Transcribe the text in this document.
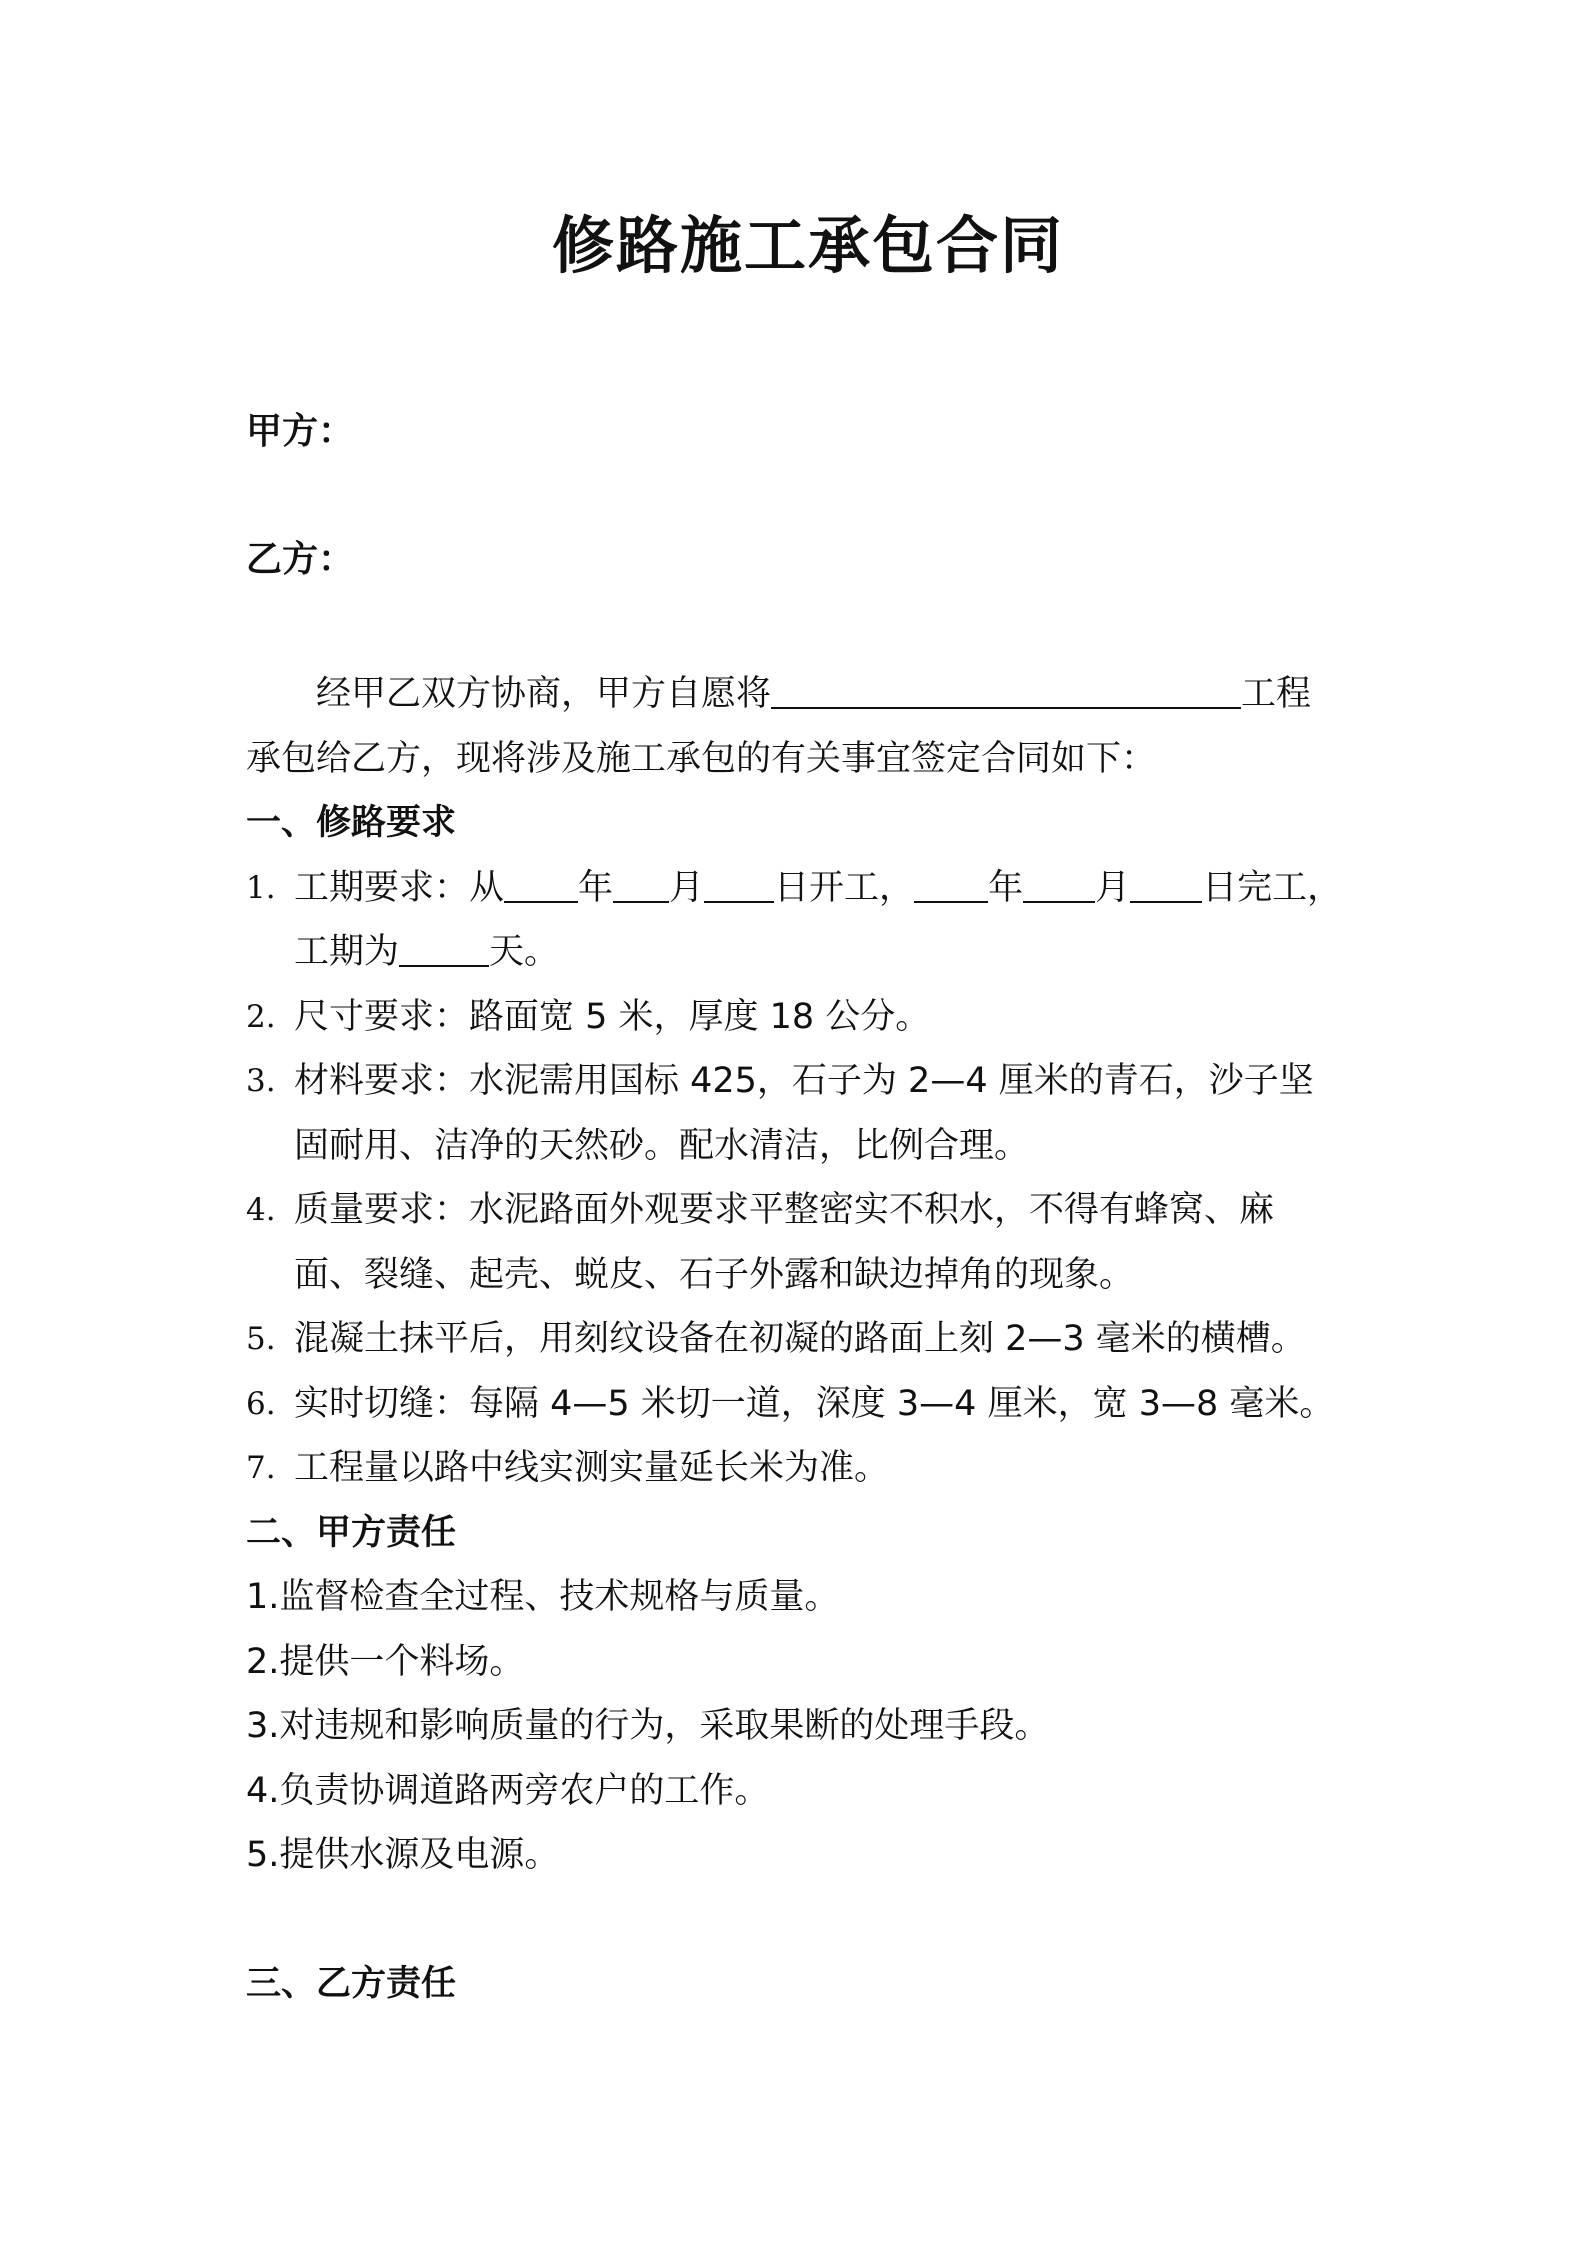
修路施工承包合同
甲方：
乙方：
经甲乙双方协商，甲方自愿将	工程
承包给乙方，现将涉及施工承包的有关事宜签定合同如下：
一、修路要求
1. 工期要求：从 年 月 日开工， 年 月 日完工，
工期为	天。
2. 尺寸要求：路面宽 5 米，厚度 18 公分。
3. 材料要求：水泥需用国标 425，石子为 2—4 厘米的青石，沙子坚
固耐用、洁净的天然砂。配水清洁，比例合理。
4. 质量要求：水泥路面外观要求平整密实不积水，不得有蜂窝、麻
面、裂缝、起壳、蜕皮、石子外露和缺边掉角的现象。
5. 混凝土抹平后，用刻纹设备在初凝的路面上刻 2—3 毫米的横槽。
6. 实时切缝：每隔 4—5 米切一道，深度 3—4 厘米，宽 3—8 毫米。
7. 工程量以路中线实测实量延长米为准。
二、甲方责任
1.监督检查全过程、技术规格与质量。
2.提供一个料场。
3.对违规和影响质量的行为，采取果断的处理手段。
4.负责协调道路两旁农户的工作。
5.提供水源及电源。
三、乙方责任
